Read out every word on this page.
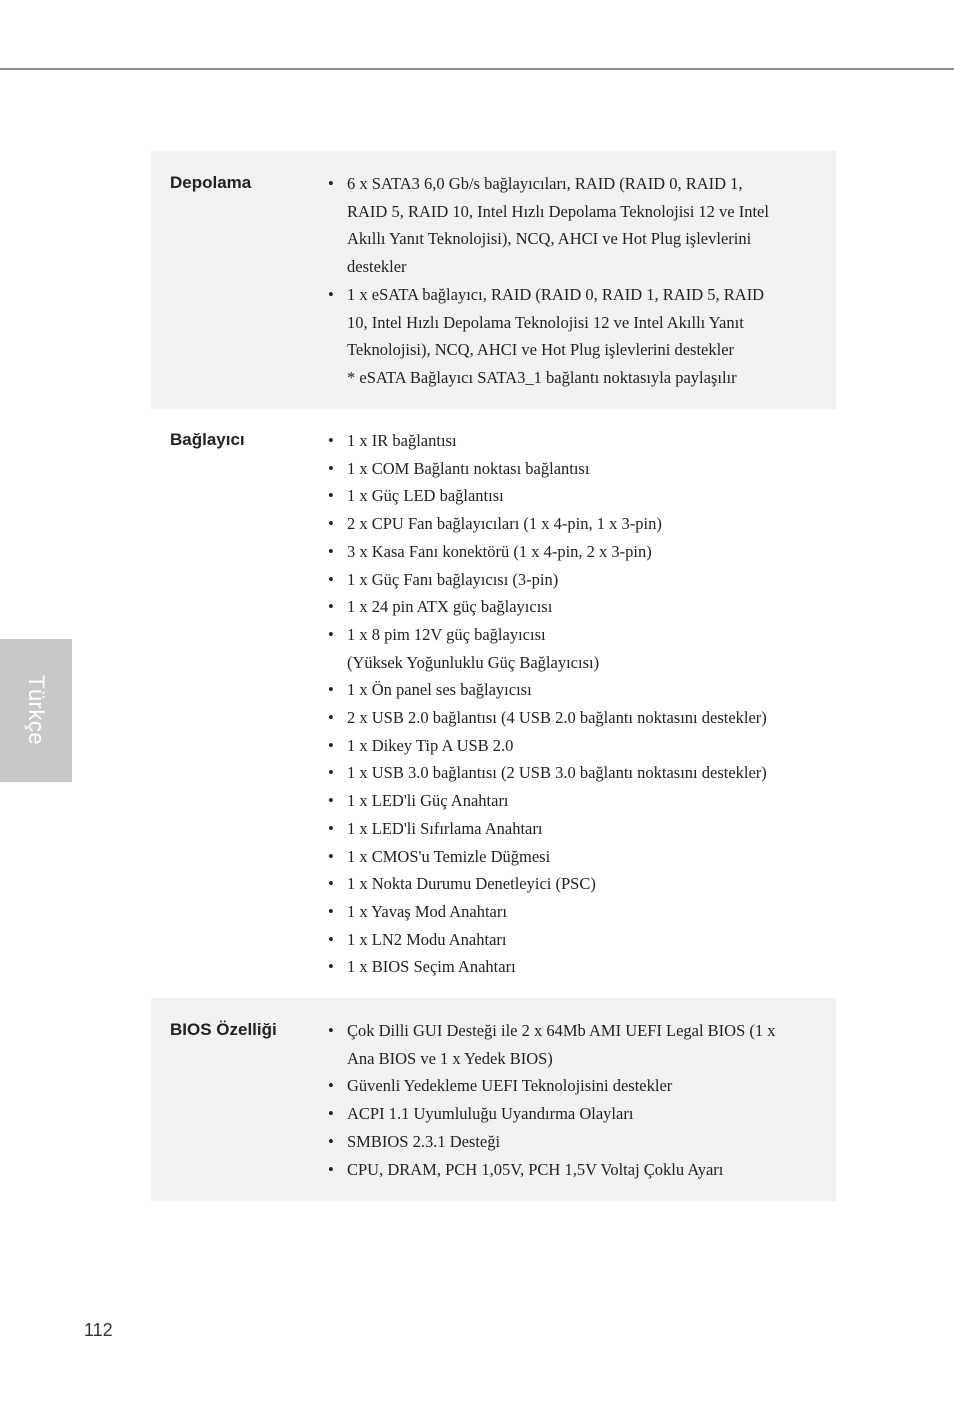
Türkçe
Depolama	• 6 x SATA3 6,0 Gb/s bağlayıcıları, RAID (RAID 0, RAID 1,
RAID 5, RAID 10, Intel Hızlı Depolama Teknolojisi 12 ve Intel
Akıllı Yanıt Teknolojisi), NCQ, AHCI ve Hot Plug işlevlerini
destekler
• 1 x eSATA bağlayıcı, RAID (RAID 0, RAID 1, RAID 5, RAID
10, Intel Hızlı Depolama Teknolojisi 12 ve Intel Akıllı Yanıt
Teknolojisi), NCQ, AHCI ve Hot Plug işlevlerini destekler
* eSATA Bağlayıcı SATA3_1 bağlantı noktasıyla paylaşılır
Bağlayıcı	• 1 x IR bağlantısı
• 1 x COM Bağlantı noktası bağlantısı
• 1 x Güç LED bağlantısı
• 2 x CPU Fan bağlayıcıları (1 x 4-pin, 1 x 3-pin)
• 3 x Kasa Fanı konektörü (1 x 4-pin, 2 x 3-pin)
• 1 x Güç Fanı bağlayıcısı (3-pin)
• 1 x 24 pin ATX güç bağlayıcısı
• 1 x 8 pim 12V güç bağlayıcısı
(Yüksek Yoğunluklu Güç Bağlayıcısı)
• 1 x Ön panel ses bağlayıcısı
• 2 x USB 2.0 bağlantısı (4 USB 2.0 bağlantı noktasını destekler)
• 1 x Dikey Tip A USB 2.0
• 1 x USB 3.0 bağlantısı (2 USB 3.0 bağlantı noktasını destekler)
• 1 x LED'li Güç Anahtarı
• 1 x LED'li Sıfırlama Anahtarı
• 1 x CMOS'u Temizle Düğmesi
• 1 x Nokta Durumu Denetleyici (PSC)
• 1 x Yavaş Mod Anahtarı
• 1 x LN2 Modu Anahtarı
• 1 x BIOS Seçim Anahtarı
BIOS Özelliği	• Çok Dilli GUI Desteği ile 2 x 64Mb AMI UEFI Legal BIOS (1 x
Ana BIOS ve 1 x Yedek BIOS)
• Güvenli Yedekleme UEFI Teknolojisini destekler
• ACPI 1.1 Uyumluluğu Uyandırma Olayları
• SMBIOS 2.3.1 Desteği
• CPU, DRAM, PCH 1,05V, PCH 1,5V Voltaj Çoklu Ayarı
112
